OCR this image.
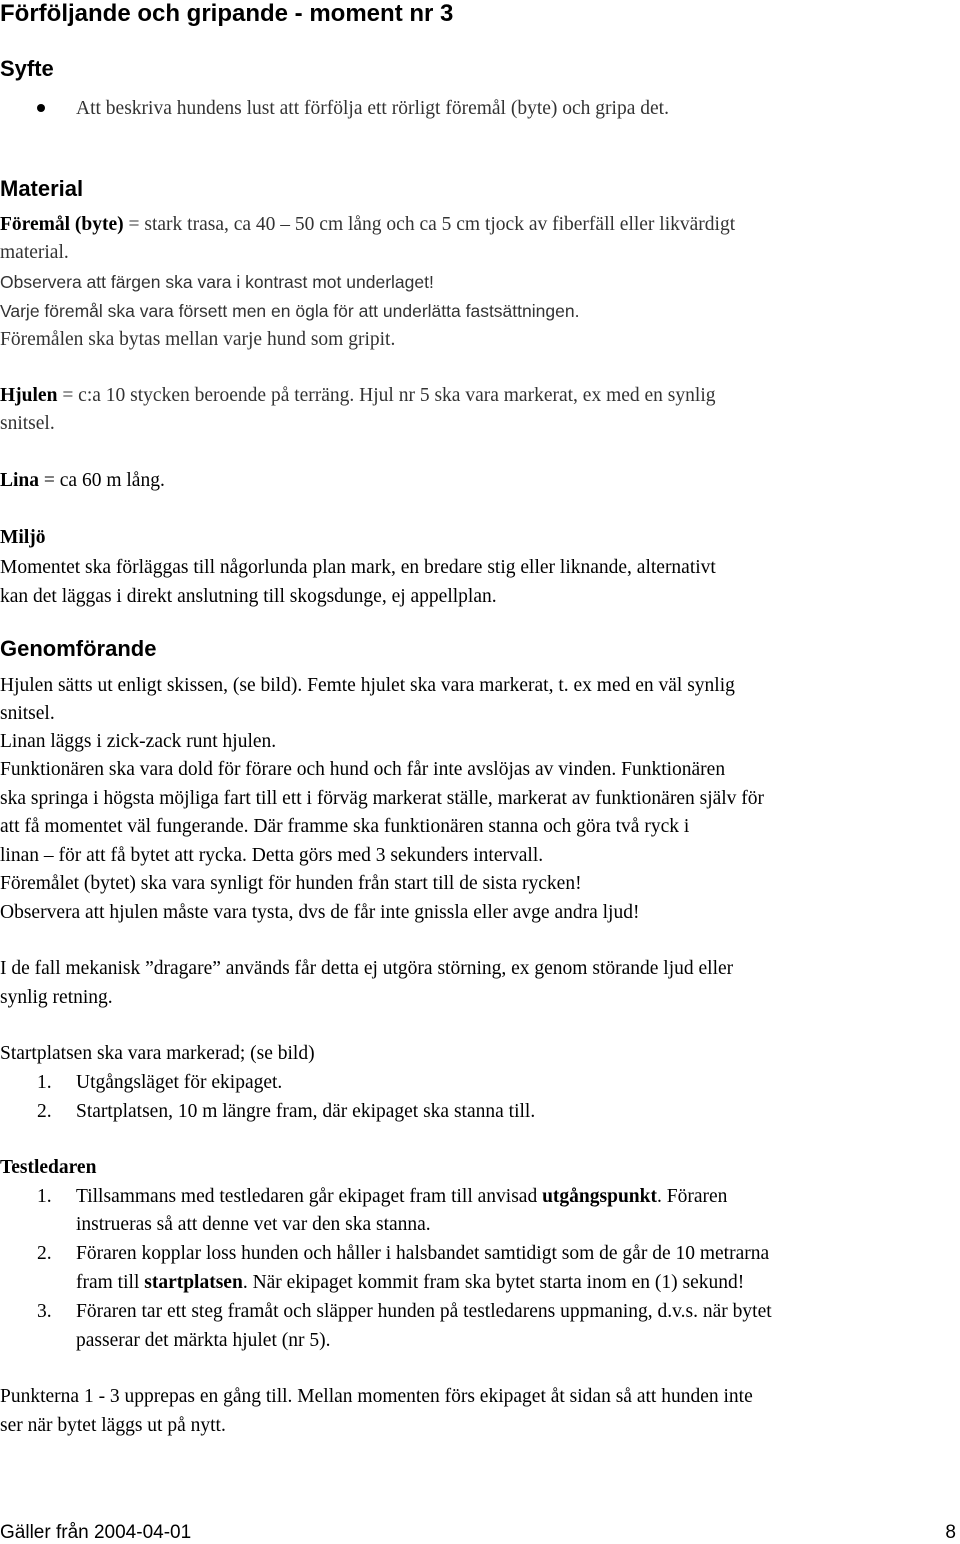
Förföljande och gripande - moment nr 3
Syfte
Att beskriva hundens lust att förfölja ett rörligt föremål (byte) och gripa det.
Material
Föremål (byte) = stark trasa, ca 40 – 50 cm lång och ca 5 cm tjock av fiberfäll eller likvärdigt
material.
Observera att färgen ska vara i kontrast mot underlaget!
Varje föremål ska vara försett men en ögla för att underlätta fastsättningen.
Föremålen ska bytas mellan varje hund som gripit.
Hjulen = c:a 10 stycken beroende på terräng. Hjul nr 5 ska vara markerat, ex med en synlig
snitsel.
Lina = ca 60 m lång.
Miljö
Momentet ska förläggas till någorlunda plan mark, en bredare stig eller liknande, alternativt
kan det läggas i direkt anslutning till skogsdunge, ej appellplan.
Genomförande
Hjulen sätts ut enligt skissen, (se bild). Femte hjulet ska vara markerat, t. ex med en väl synlig
snitsel.
Linan läggs i zick-zack runt hjulen.
Funktionären ska vara dold för förare och hund och får inte avslöjas av vinden. Funktionären
ska springa i högsta möjliga fart till ett i förväg markerat ställe, markerat av funktionären själv för
att få momentet väl fungerande. Där framme ska funktionären stanna och göra två ryck i
linan – för att få bytet att rycka. Detta görs med 3 sekunders intervall.
Föremålet (bytet) ska vara synligt för hunden från start till de sista rycken!
Observera att hjulen måste vara tysta, dvs de får inte gnissla eller avge andra ljud!
I de fall mekanisk ”dragare” används får detta ej utgöra störning, ex genom störande ljud eller
synlig retning.
Startplatsen ska vara markerad; (se bild)
1. Utgångsläget för ekipaget.
2. Startplatsen, 10 m längre fram, där ekipaget ska stanna till.
Testledaren
1. Tillsammans med testledaren går ekipaget fram till anvisad utgångspunkt. Föraren
instrueras så att denne vet var den ska stanna.
2. Föraren kopplar loss hunden och håller i halsbandet samtidigt som de går de 10 metrarna
fram till startplatsen. När ekipaget kommit fram ska bytet starta inom en (1) sekund!
3. Föraren tar ett steg framåt och släpper hunden på testledarens uppmaning, d.v.s. när bytet
passerar det märkta hjulet (nr 5).
Punkterna 1 - 3 upprepas en gång till. Mellan momenten förs ekipaget åt sidan så att hunden inte
ser när bytet läggs ut på nytt.
Gäller från 2004-04-01	8
